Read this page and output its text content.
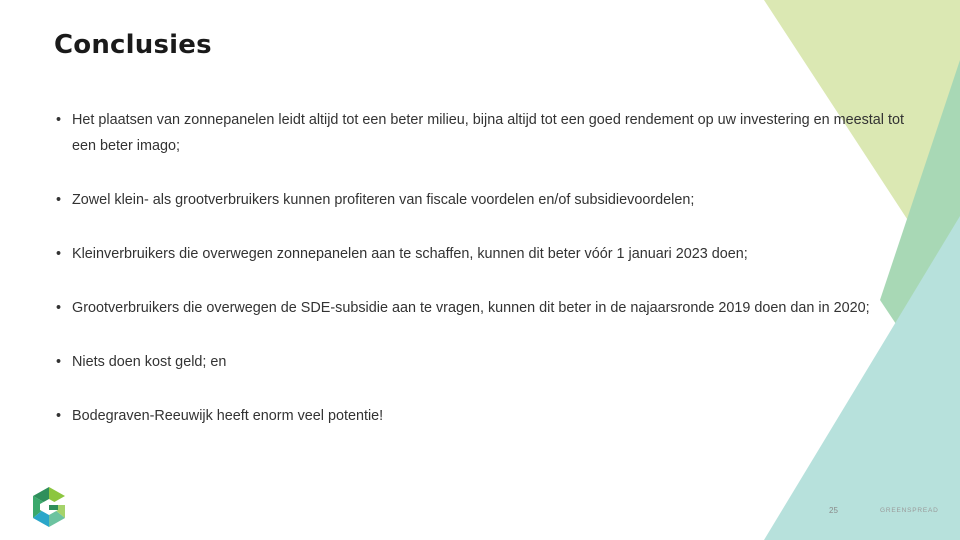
Conclusies
• Het plaatsen van zonnepanelen leidt altijd tot een beter milieu, bijna altijd tot een goed rendement op uw investering en meestal tot een beter imago;
• Zowel klein- als grootverbruikers kunnen profiteren van fiscale voordelen en/of subsidievoordelen;
• Kleinverbruikers die overwegen zonnepanelen aan te schaffen, kunnen dit beter vóór 1 januari 2023 doen;
• Grootverbruikers die overwegen de SDE-subsidie aan te vragen, kunnen dit beter in de najaarsronde 2019 doen dan in 2020;
• Niets doen kost geld; en
• Bodegraven-Reeuwijk heeft enorm veel potentie!
25	GREENSPREAD
